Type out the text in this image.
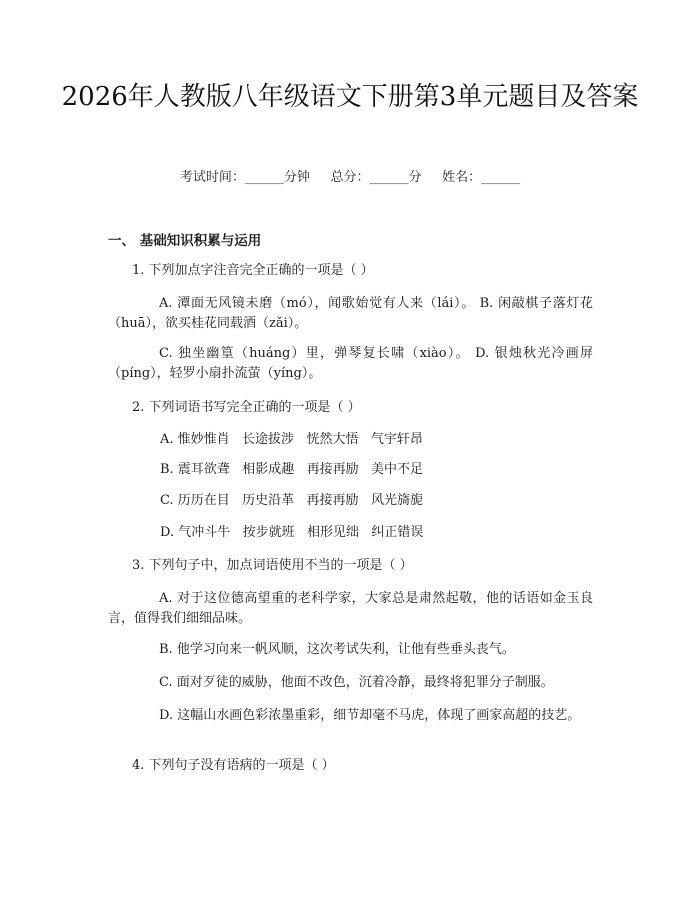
2026年人教版八年级语文下册第3单元题目及答案
考试时间：______分钟     总分：______分     姓名：______
一、 基础知识积累与运用
1. 下列加点字注音完全正确的一项是（ ）
A. 潭面无风镜未磨（mó），闻歌始觉有人来（lái）。 B. 闲敲棋子落灯花（huā），欲买桂花同载酒（zǎi）。
C. 独坐幽篁（huáng）里，弹琴复长啸（xiào）。 D. 银烛秋光冷画屏（píng），轻罗小扇扑流萤（yíng）。
2. 下列词语书写完全正确的一项是（ ）
A. 惟妙惟肖   长途拔涉   恍然大悟   气宇轩昂
B. 震耳欲聋   相影成趣   再接再励   美中不足
C. 历历在目   历史沿革   再接再励   风光旖旎
D. 气冲斗牛   按步就班   相形见绌   纠正错误
3. 下列句子中，加点词语使用不当的一项是（ ）
A. 对于这位德高望重的老科学家，大家总是肃然起敬，他的话语如金玉良言，值得我们细细品味。
B. 他学习向来一帆风顺，这次考试失利，让他有些垂头丧气。
C. 面对歹徒的威胁，他面不改色，沉着冷静，最终将犯罪分子制服。
D. 这幅山水画色彩浓墨重彩，细节却毫不马虎，体现了画家高超的技艺。
4. 下列句子没有语病的一项是（ ）
